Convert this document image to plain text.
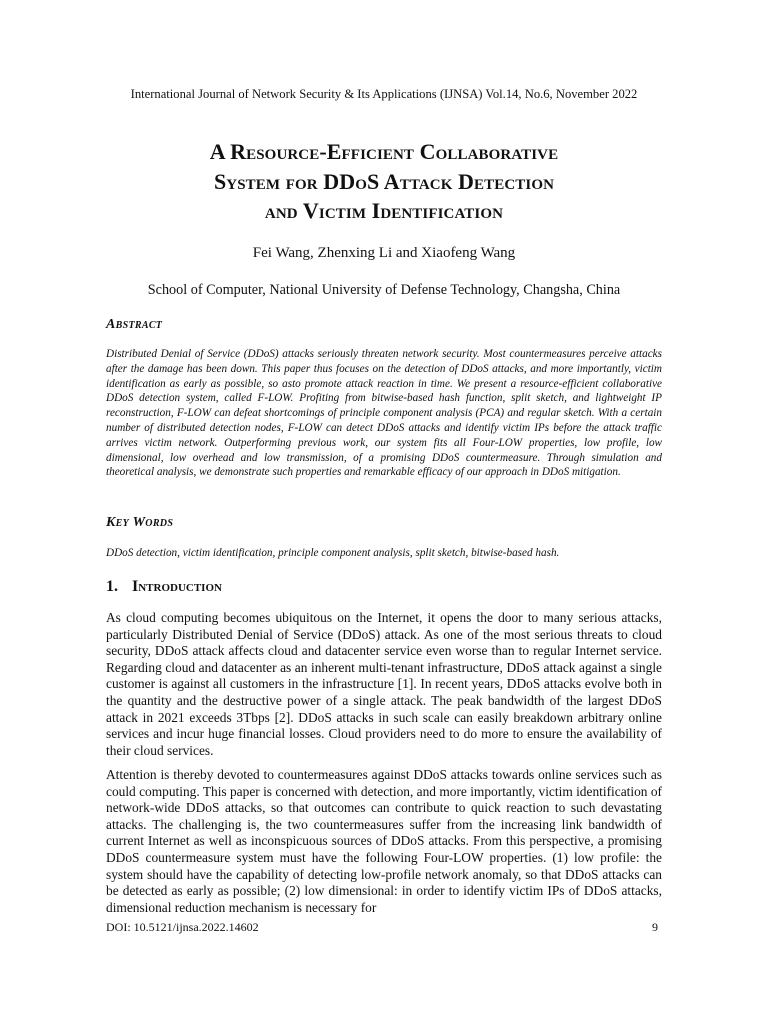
International Journal of Network Security & Its Applications (IJNSA) Vol.14, No.6, November 2022
A Resource-Efficient Collaborative
System for DDoS Attack Detection
and Victim Identification
Fei Wang, Zhenxing Li and Xiaofeng Wang
School of Computer, National University of Defense Technology, Changsha, China
Abstract
Distributed Denial of Service (DDoS) attacks seriously threaten network security. Most countermeasures perceive attacks after the damage has been down. This paper thus focuses on the detection of DDoS attacks, and more importantly, victim identification as early as possible, so asto promote attack reaction in time. We present a resource-efficient collaborative DDoS detection system, called F-LOW. Profiting from bitwise-based hash function, split sketch, and lightweight IP reconstruction, F-LOW can defeat shortcomings of principle component analysis (PCA) and regular sketch. With a certain number of distributed detection nodes, F-LOW can detect DDoS attacks and identify victim IPs before the attack traffic arrives victim network. Outperforming previous work, our system fits all Four-LOW properties, low profile, low dimensional, low overhead and low transmission, of a promising DDoS countermeasure. Through simulation and theoretical analysis, we demonstrate such properties and remarkable efficacy of our approach in DDoS mitigation.
Key Words
DDoS detection, victim identification, principle component analysis, split sketch, bitwise-based hash.
1. Introduction
As cloud computing becomes ubiquitous on the Internet, it opens the door to many serious attacks, particularly Distributed Denial of Service (DDoS) attack. As one of the most serious threats to cloud security, DDoS attack affects cloud and datacenter service even worse than to regular Internet service. Regarding cloud and datacenter as an inherent multi-tenant infrastructure, DDoS attack against a single customer is against all customers in the infrastructure [1]. In recent years, DDoS attacks evolve both in the quantity and the destructive power of a single attack. The peak bandwidth of the largest DDoS attack in 2021 exceeds 3Tbps [2]. DDoS attacks in such scale can easily breakdown arbitrary online services and incur huge financial losses. Cloud providers need to do more to ensure the availability of their cloud services.
Attention is thereby devoted to countermeasures against DDoS attacks towards online services such as could computing. This paper is concerned with detection, and more importantly, victim identification of network-wide DDoS attacks, so that outcomes can contribute to quick reaction to such devastating attacks. The challenging is, the two countermeasures suffer from the increasing link bandwidth of current Internet as well as inconspicuous sources of DDoS attacks. From this perspective, a promising DDoS countermeasure system must have the following Four-LOW properties. (1) low profile: the system should have the capability of detecting low-profile network anomaly, so that DDoS attacks can be detected as early as possible; (2) low dimensional: in order to identify victim IPs of DDoS attacks, dimensional reduction mechanism is necessary for
DOI: 10.5121/ijnsa.2022.14602	9
